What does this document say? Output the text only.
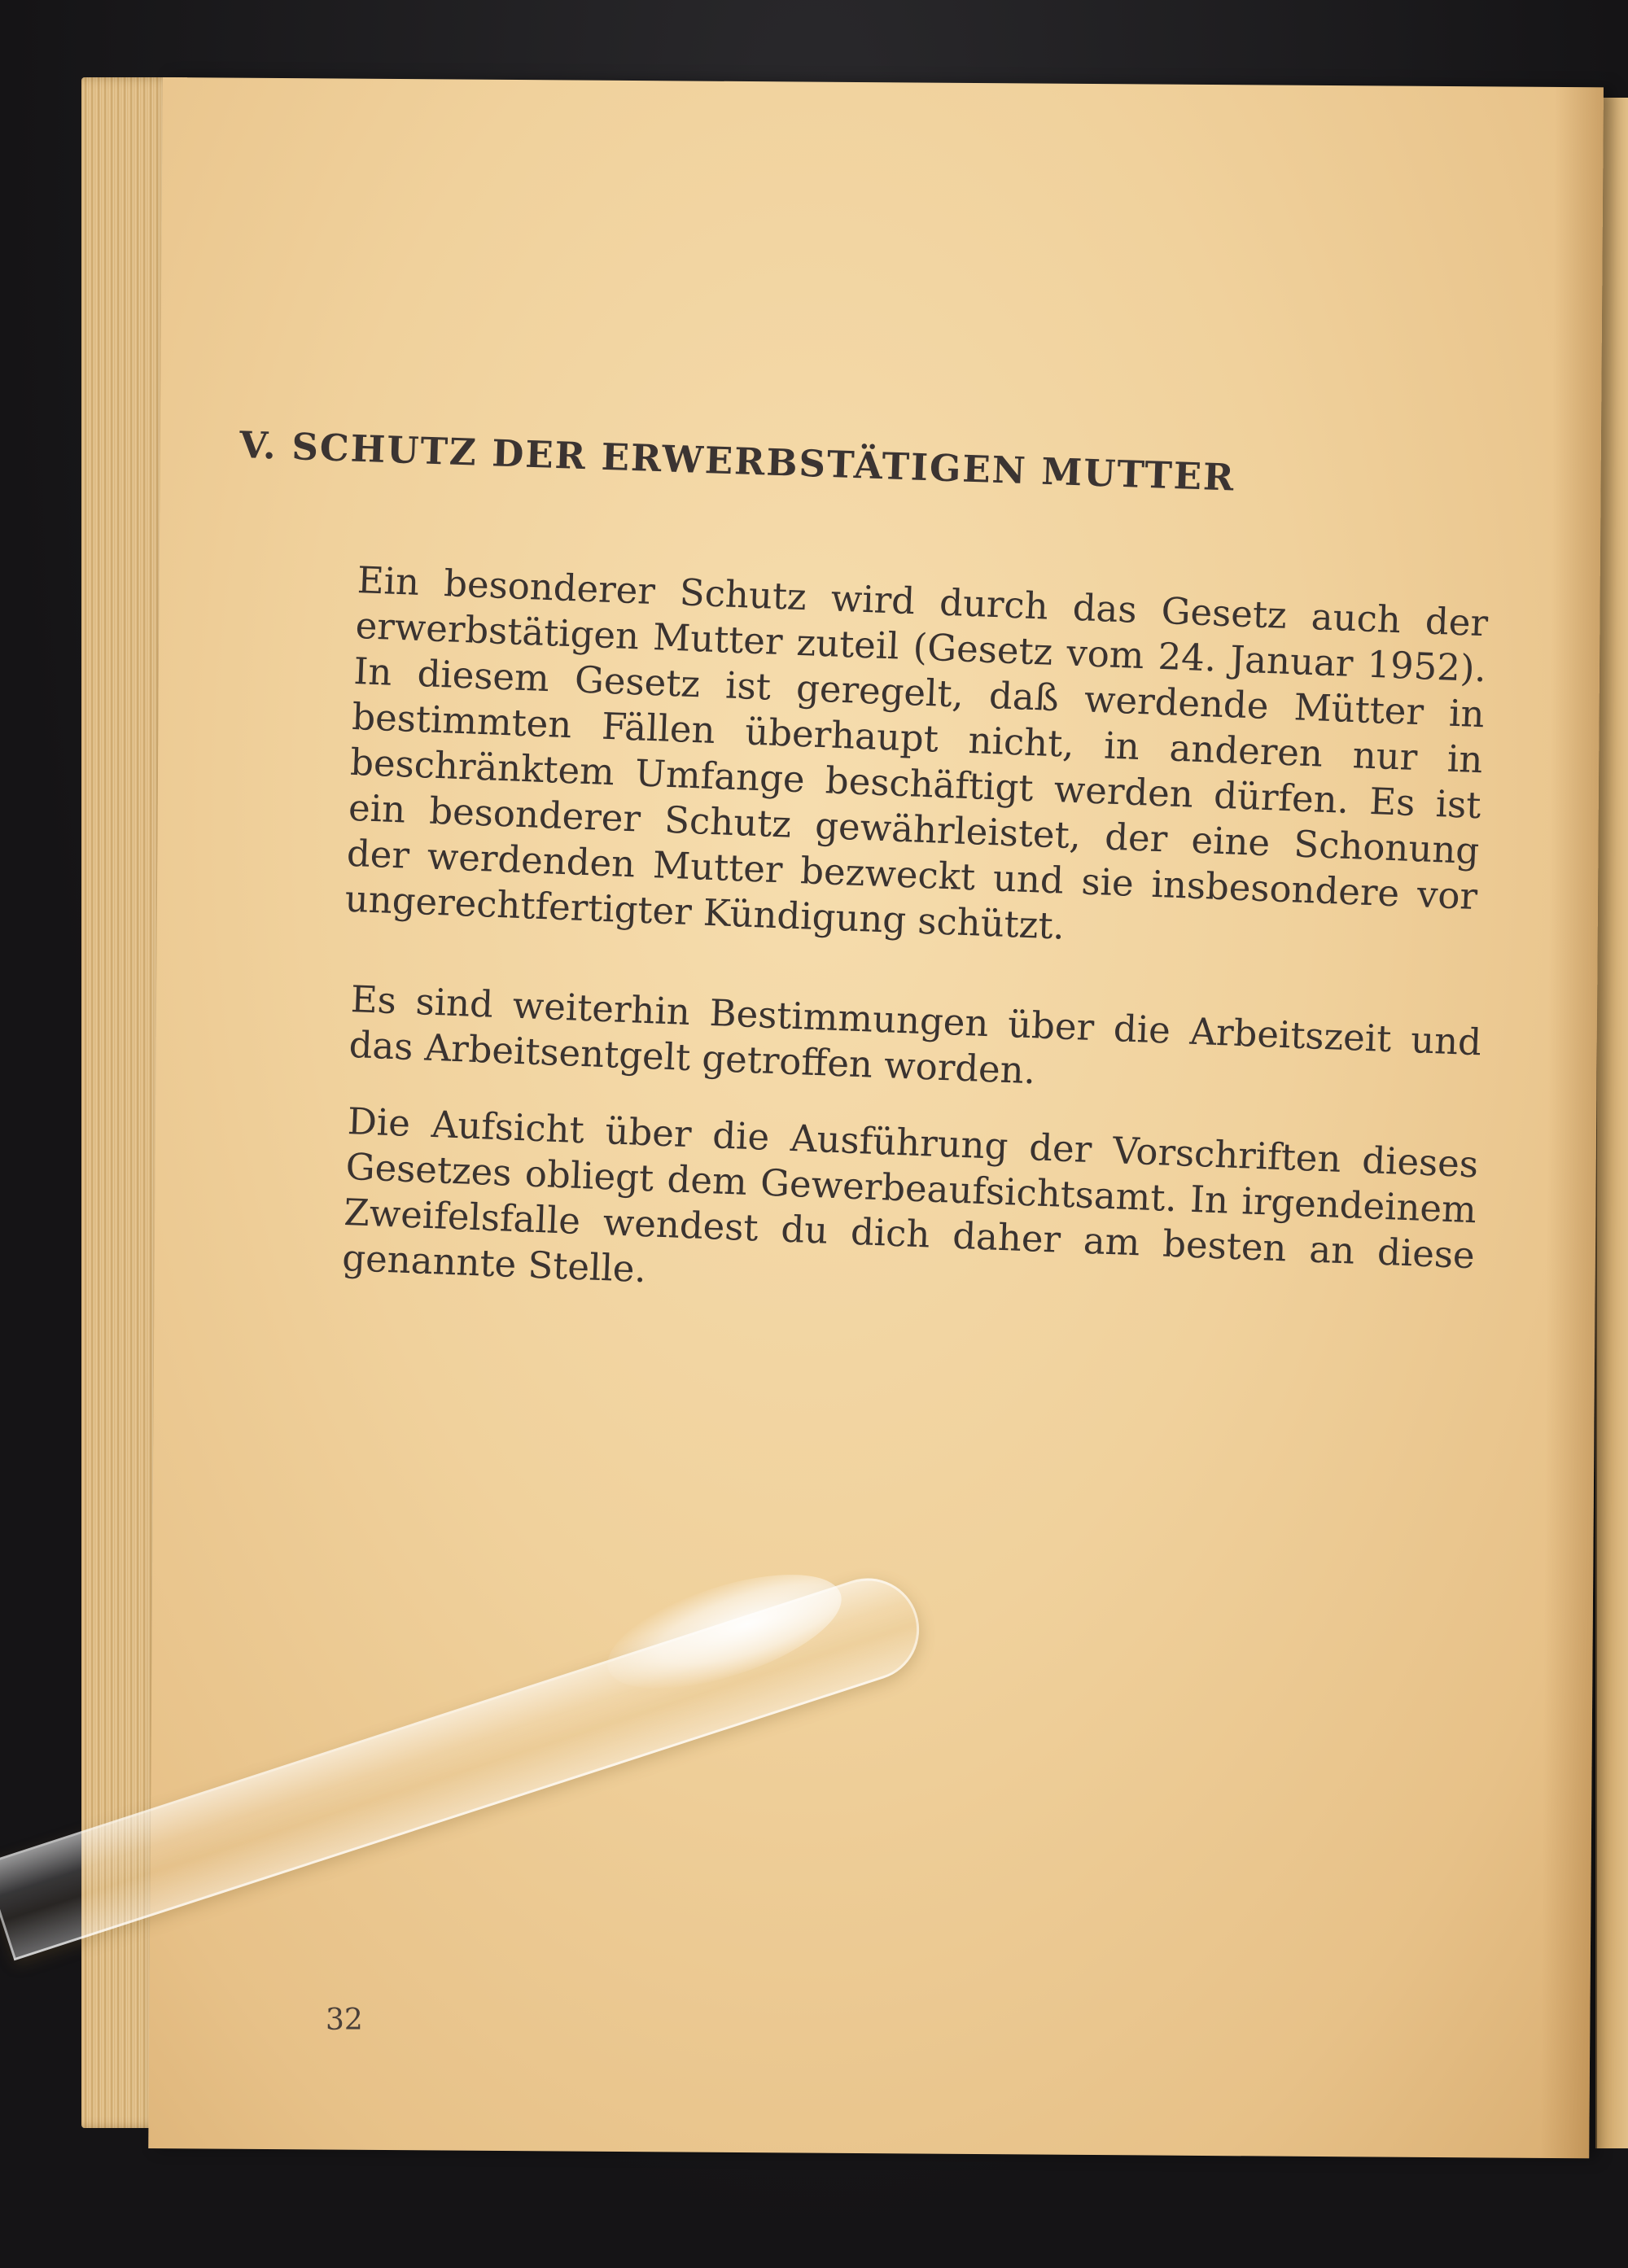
V. SCHUTZ DER ERWERBSTÄTIGEN MUTTER

Ein besonderer Schutz wird durch das Gesetz auch der erwerbstätigen Mutter zuteil (Gesetz vom 24. Januar 1952). In diesem Gesetz ist geregelt, daß werdende Mütter in bestimmten Fällen überhaupt nicht, in anderen nur in beschränktem Umfange beschäftigt werden dürfen. Es ist ein besonderer Schutz gewährleistet, der eine Schonung der werdenden Mutter bezweckt und sie insbesondere vor ungerechtfertigter Kündigung schützt.

Es sind weiterhin Bestimmungen über die Arbeitszeit und das Arbeitsentgelt getroffen worden.

Die Aufsicht über die Ausführung der Vorschriften dieses Gesetzes obliegt dem Gewerbeaufsichtsamt. In irgendeinem Zweifelsfalle wendest du dich daher am besten an diese genannte Stelle.

32
